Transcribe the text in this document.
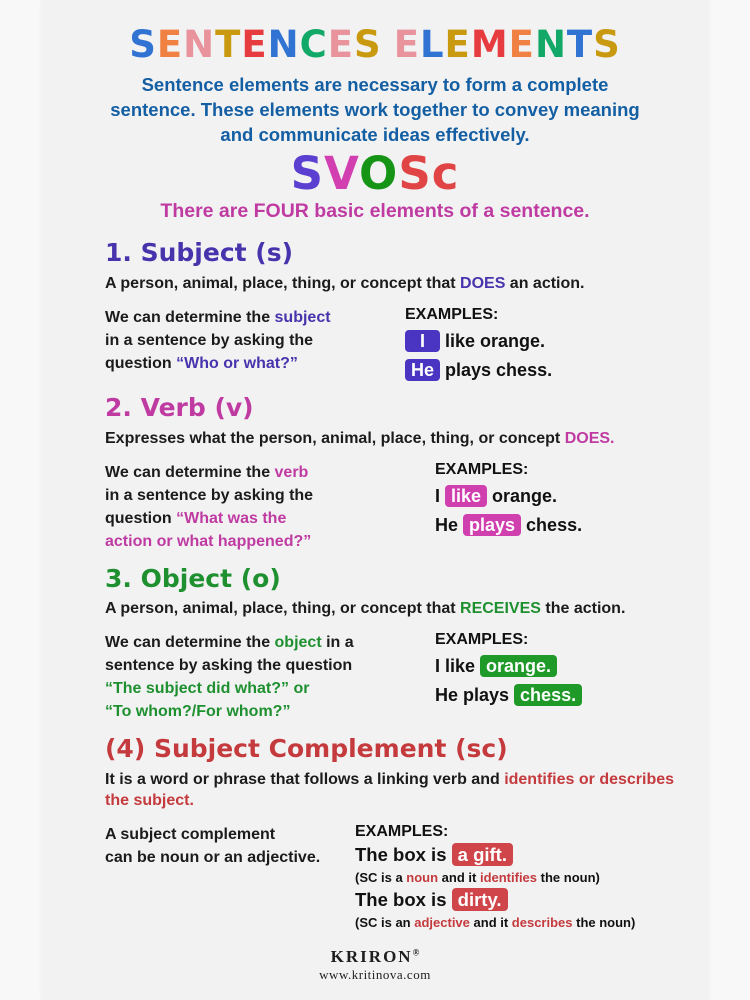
SENTENCES ELEMENTS

Sentence elements are necessary to form a complete
sentence. These elements work together to convey meaning
and communicate ideas effectively.

SVOSc

There are FOUR basic elements of a sentence.

1. Subject (s)

A person, animal, place, thing, or concept that DOES an action.

We can determine the subject
in a sentence by asking the
question “Who or what?”

EXAMPLES:

I like orange.

He plays chess.

2. Verb (v)

Expresses what the person, animal, place, thing, or concept DOES.

We can determine the verb
in a sentence by asking the
question “What was the
action or what happened?”

EXAMPLES:

I like orange.

He plays chess.

3. Object (o)

A person, animal, place, thing, or concept that RECEIVES the action.

We can determine the object in a
sentence by asking the question
“The subject did what?” or
“To whom?/For whom?”

EXAMPLES:

I like orange.

He plays chess.

(4) Subject Complement (sc)

It is a word or phrase that follows a linking verb and identifies or describes the subject.

A subject complement
can be noun or an adjective.

EXAMPLES:

The box is a gift.

(SC is a noun and it identifies the noun)

The box is dirty.

(SC is an adjective and it describes the noun)

KRIRON®

www.kritinova.com
